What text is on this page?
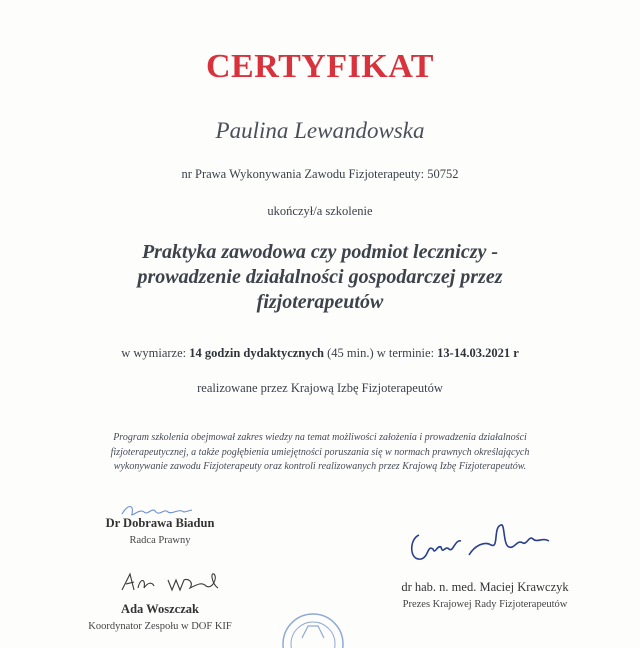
CERTYFIKAT
Paulina Lewandowska
nr Prawa Wykonywania Zawodu Fizjoterapeuty: 50752
ukończył/a szkolenie
Praktyka zawodowa czy podmiot leczniczy -
prowadzenie działalności gospodarczej przez
fizjoterapeutów
w wymiarze: 14 godzin dydaktycznych (45 min.) w terminie: 13-14.03.2021 r
realizowane przez Krajową Izbę Fizjoterapeutów
Program szkolenia obejmował zakres wiedzy na temat możliwości założenia i prowadzenia działalności
fizjoterapeutycznej, a także pogłębienia umiejętności poruszania się w normach prawnych określających
wykonywanie zawodu Fizjoterapeuty oraz kontroli realizowanych przez Krajową Izbę Fizjoterapeutów.
Dr Dobrawa Biadun
Radca Prawny
Ada Woszczak
Koordynator Zespołu w DOF KIF
dr hab. n. med. Maciej Krawczyk
Prezes Krajowej Rady Fizjoterapeutów
